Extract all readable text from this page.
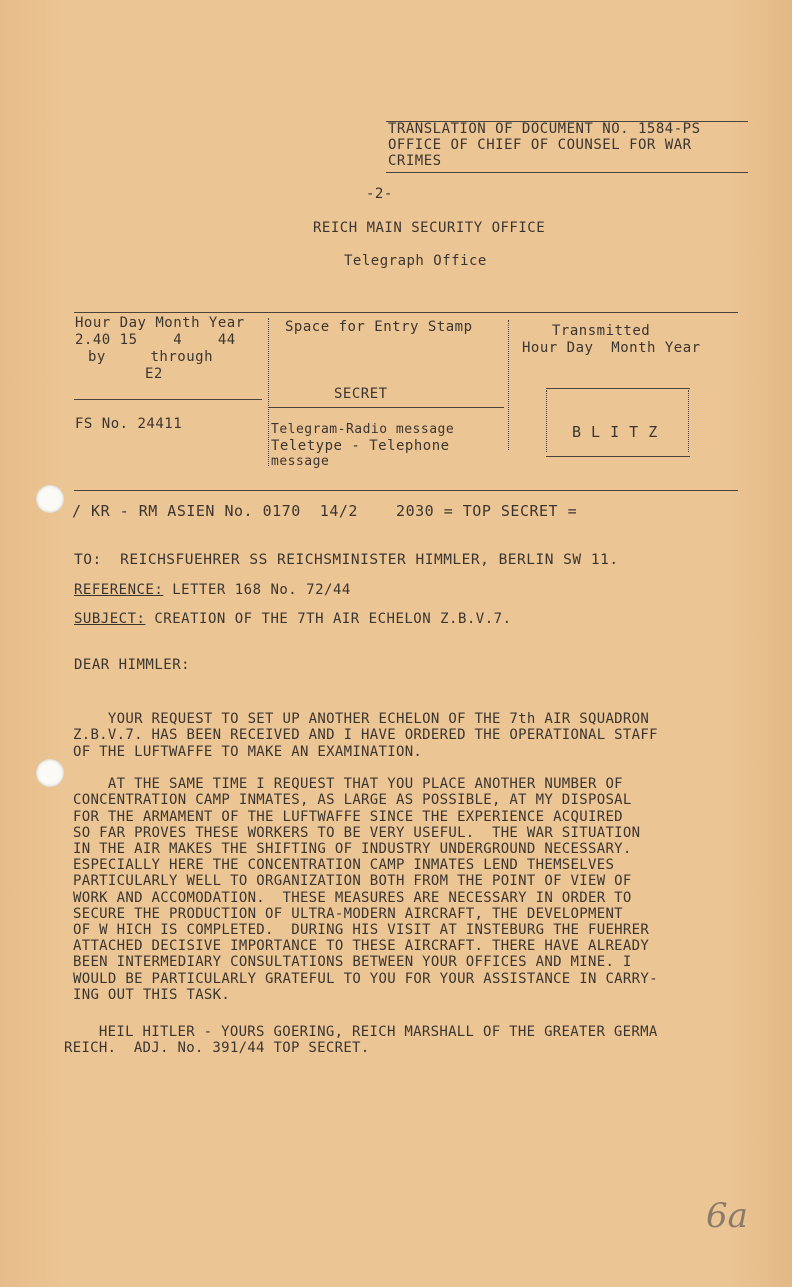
TRANSLATION OF DOCUMENT NO. 1584-PS
OFFICE OF CHIEF OF COUNSEL FOR WAR
CRIMES
-2-
REICH MAIN SECURITY OFFICE
Telegraph Office
Hour Day Month Year
2.40 15    4    44
by     through
E2
FS No. 24411
Space for Entry Stamp
SECRET
Telegram-Radio message
Teletype - Telephone
message
Transmitted
Hour Day  Month Year
B L I T Z
/ KR - RM ASIEN No. 0170  14/2    2030 = TOP SECRET =
TO:  REICHSFUEHRER SS REICHSMINISTER HIMMLER, BERLIN SW 11.
REFERENCE: LETTER 168 No. 72/44
SUBJECT: CREATION OF THE 7TH AIR ECHELON Z.B.V.7.
DEAR HIMMLER:

YOUR REQUEST TO SET UP ANOTHER ECHELON OF THE 7th AIR SQUADRON
Z.B.V.7. HAS BEEN RECEIVED AND I HAVE ORDERED THE OPERATIONAL STAFF
OF THE LUFTWAFFE TO MAKE AN EXAMINATION.

AT THE SAME TIME I REQUEST THAT YOU PLACE ANOTHER NUMBER OF
CONCENTRATION CAMP INMATES, AS LARGE AS POSSIBLE, AT MY DISPOSAL
FOR THE ARMAMENT OF THE LUFTWAFFE SINCE THE EXPERIENCE ACQUIRED
SO FAR PROVES THESE WORKERS TO BE VERY USEFUL.  THE WAR SITUATION
IN THE AIR MAKES THE SHIFTING OF INDUSTRY UNDERGROUND NECESSARY.
ESPECIALLY HERE THE CONCENTRATION CAMP INMATES LEND THEMSELVES
PARTICULARLY WELL TO ORGANIZATION BOTH FROM THE POINT OF VIEW OF
WORK AND ACCOMODATION.  THESE MEASURES ARE NECESSARY IN ORDER TO
SECURE THE PRODUCTION OF ULTRA-MODERN AIRCRAFT, THE DEVELOPMENT
OF W HICH IS COMPLETED.  DURING HIS VISIT AT INSTEBURG THE FUEHRER
ATTACHED DECISIVE IMPORTANCE TO THESE AIRCRAFT. THERE HAVE ALREADY
BEEN INTERMEDIARY CONSULTATIONS BETWEEN YOUR OFFICES AND MINE. I
WOULD BE PARTICULARLY GRATEFUL TO YOU FOR YOUR ASSISTANCE IN CARRY-
ING OUT THIS TASK.

HEIL HITLER - YOURS GOERING, REICH MARSHALL OF THE GREATER GERMA
REICH.  ADJ. No. 391/44 TOP SECRET.
6a
